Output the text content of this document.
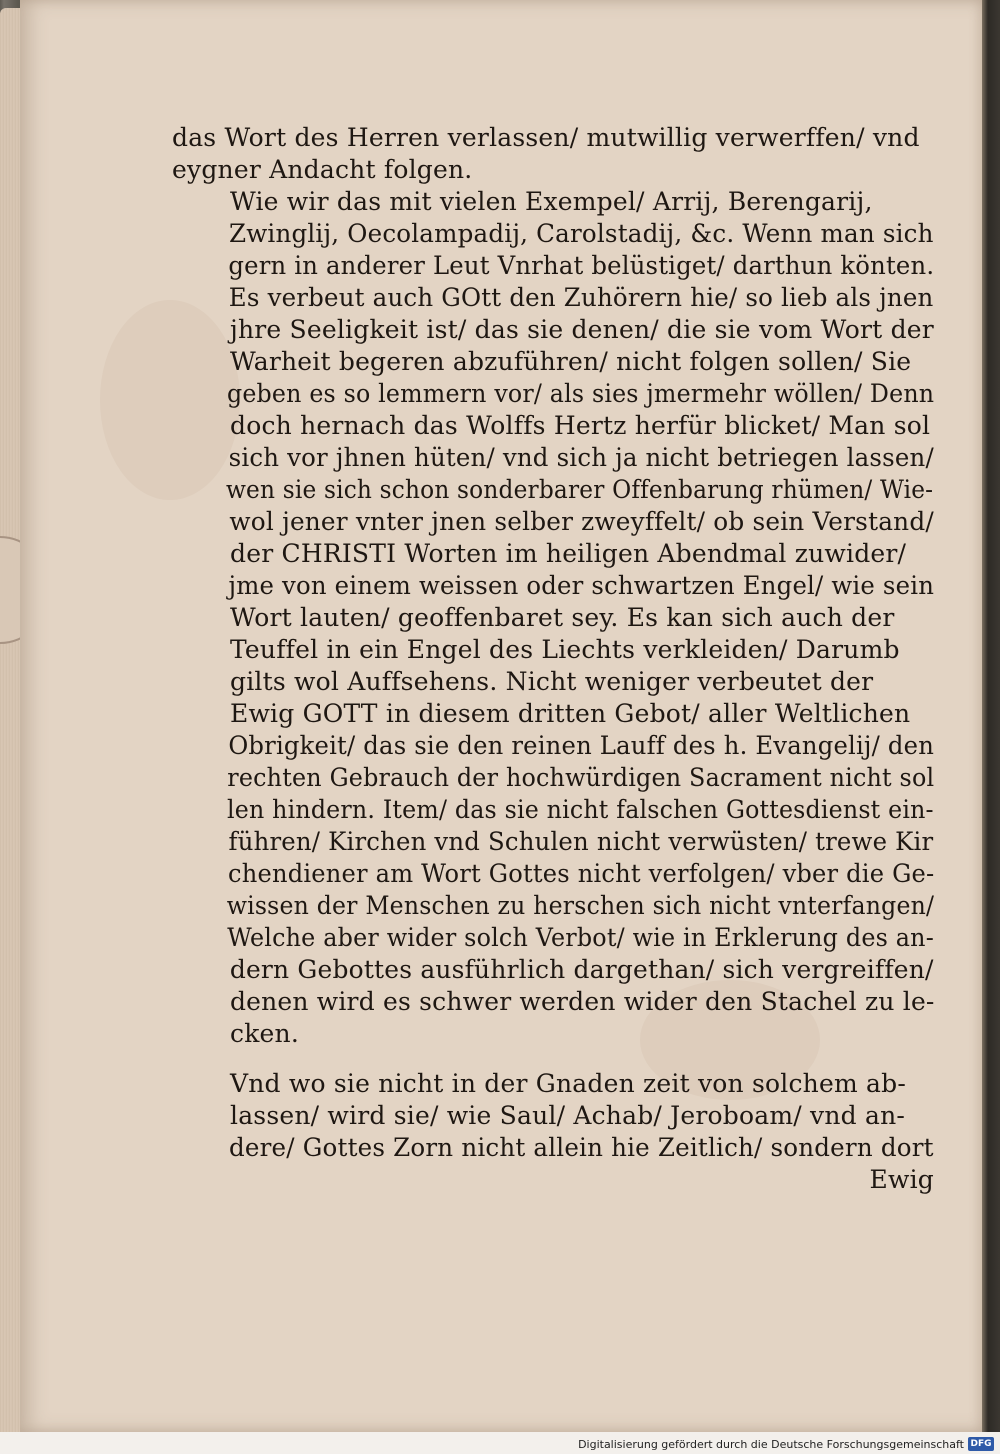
das Wort des Herren verlassen/ mutwillig verwerffen/ vnd
eygner Andacht folgen.

Wie wir das mit vielen Exempel/ Arrij, Berengarij,
Zwinglij, Oecolampadij, Carolstadij, &c. Wenn man sich
gern in anderer Leut Vnrhat belüstiget/ darthun könten.
Es verbeut auch GOtt den Zuhörern hie/ so lieb als jnen
jhre Seeligkeit ist/ das sie denen/ die sie vom Wort der
Warheit begeren abzuführen/ nicht folgen sollen/ Sie
geben es so lemmern vor/ als sies jmermehr wöllen/ Denn
doch hernach das Wolffs Hertz herfür blicket/ Man sol
sich vor jhnen hüten/ vnd sich ja nicht betriegen lassen/
wen sie sich schon sonderbarer Offenbarung rhümen/ Wie-
wol jener vnter jnen selber zweyffelt/ ob sein Verstand/
der CHRISTI Worten im heiligen Abendmal zuwider/
jme von einem weissen oder schwartzen Engel/ wie sein
Wort lauten/ geoffenbaret sey. Es kan sich auch der
Teuffel in ein Engel des Liechts verkleiden/ Darumb
gilts wol Auffsehens. Nicht weniger verbeutet der
Ewig GOTT in diesem dritten Gebot/ aller Weltlichen
Obrigkeit/ das sie den reinen Lauff des h. Evangelij/ den
rechten Gebrauch der hochwürdigen Sacrament nicht sol
len hindern. Item/ das sie nicht falschen Gottesdienst ein-
führen/ Kirchen vnd Schulen nicht verwüsten/ trewe Kir
chendiener am Wort Gottes nicht verfolgen/ vber die Ge-
wissen der Menschen zu herschen sich nicht vnterfangen/
Welche aber wider solch Verbot/ wie in Erklerung des an-
dern Gebottes ausführlich dargethan/ sich vergreiffen/
denen wird es schwer werden wider den Stachel zu le-
cken.

Vnd wo sie nicht in der Gnaden zeit von solchem ab-
lassen/ wird sie/ wie Saul/ Achab/ Jeroboam/ vnd an-
dere/ Gottes Zorn nicht allein hie Zeitlich/ sondern dort

Ewig
Digitalisierung gefördert durch die Deutsche Forschungsgemeinschaft DFG
